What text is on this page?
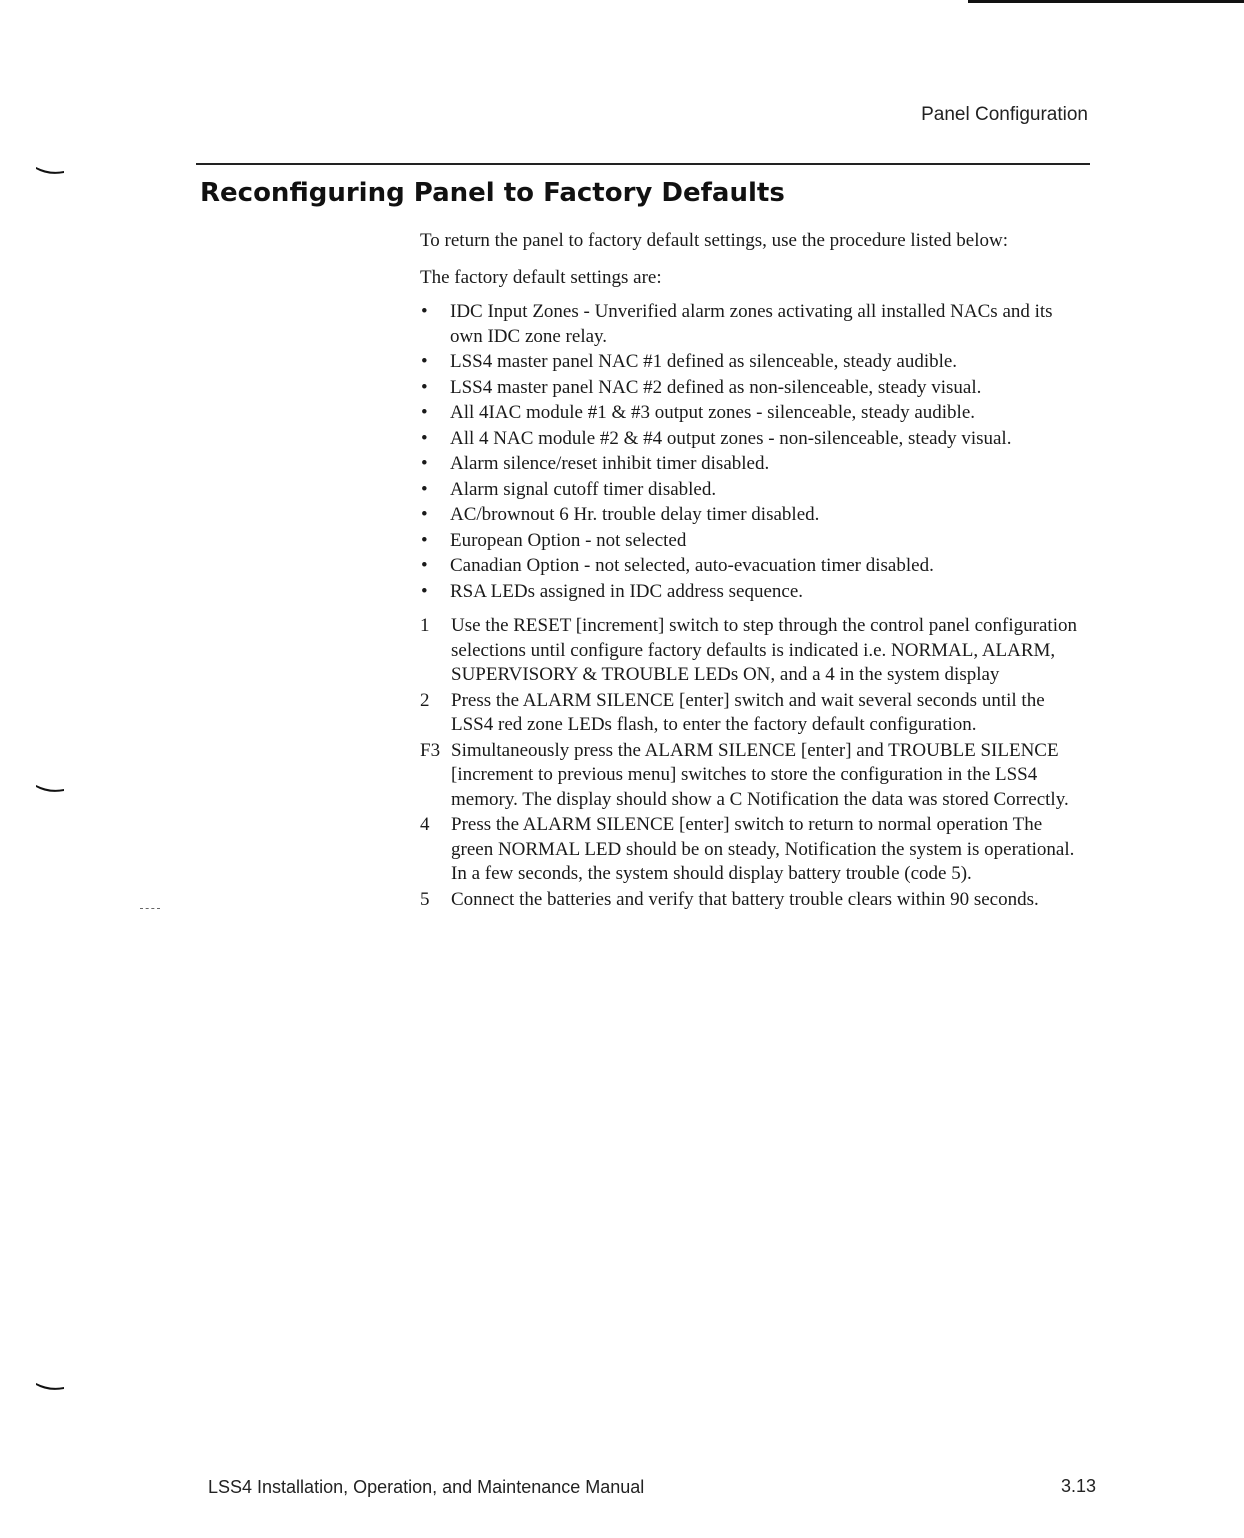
Panel Configuration
Reconfiguring Panel to Factory Defaults

To return the panel to factory default settings, use the procedure listed below:

The factory default settings are:

• IDC Input Zones - Unverified alarm zones activating all installed NACs and its own IDC zone relay.
• LSS4 master panel NAC #1 defined as silenceable, steady audible.
• LSS4 master panel NAC #2 defined as non-silenceable, steady visual.
• All 4IAC module #1 & #3 output zones - silenceable, steady audible.
• All 4 NAC module #2 & #4 output zones - non-silenceable, steady visual.
• Alarm silence/reset inhibit timer disabled.
• Alarm signal cutoff timer disabled.
• AC/brownout 6 Hr. trouble delay timer disabled.
• European Option - not selected
• Canadian Option - not selected, auto-evacuation timer disabled.
• RSA LEDs assigned in IDC address sequence.
1 Use the RESET [increment] switch to step through the control panel configuration selections until configure factory defaults is indicated i.e. NORMAL, ALARM, SUPERVISORY & TROUBLE LEDs ON, and a 4 in the system display
2 Press the ALARM SILENCE [enter] switch and wait several seconds until the LSS4 red zone LEDs flash, to enter the factory default configuration.
F3 Simultaneously press the ALARM SILENCE [enter] and TROUBLE SILENCE [increment to previous menu] switches to store the configuration in the LSS4 memory. The display should show a C Notification the data was stored Correctly.
4 Press the ALARM SILENCE [enter] switch to return to normal operation The green NORMAL LED should be on steady, Notification the system is operational. In a few seconds, the system should display battery trouble (code 5).
5 Connect the batteries and verify that battery trouble clears within 90 seconds.
LSS4 Installation, Operation, and Maintenance Manual	3.13
